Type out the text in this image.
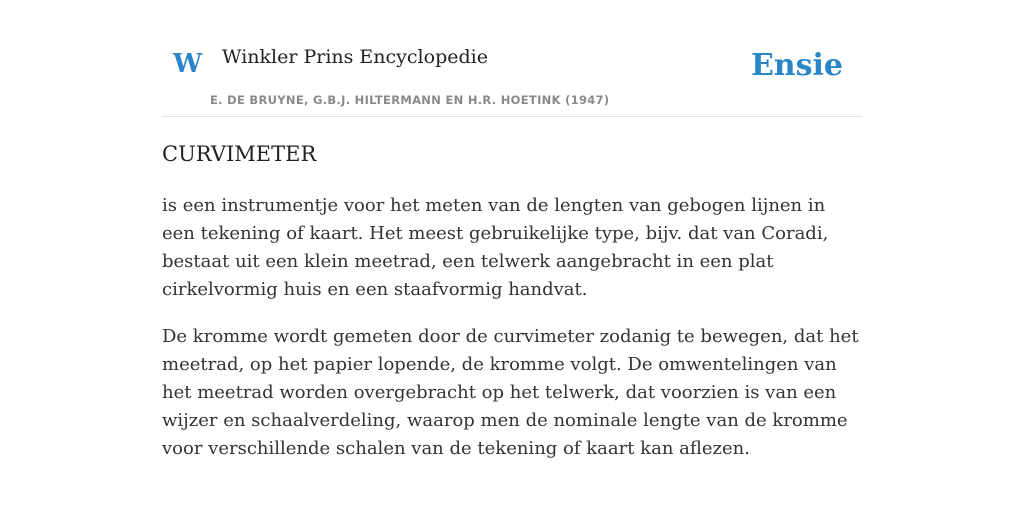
W Winkler Prins Encyclopedie
E. DE BRUYNE, G.B.J. HILTERMANN EN H.R. HOETINK (1947)
Ensie
CURVIMETER

is een instrumentje voor het meten van de lengten van gebogen lijnen in een tekening of kaart. Het meest gebruikelijke type, bijv. dat van Coradi, bestaat uit een klein meetrad, een telwerk aangebracht in een plat cirkelvormig huis en een staafvormig handvat.

De kromme wordt gemeten door de curvimeter zodanig te bewegen, dat het meetrad, op het papier lopende, de kromme volgt. De omwentelingen van het meetrad worden overgebracht op het telwerk, dat voorzien is van een wijzer en schaalverdeling, waarop men de nominale lengte van de kromme voor verschillende schalen van de tekening of kaart kan aflezen.
